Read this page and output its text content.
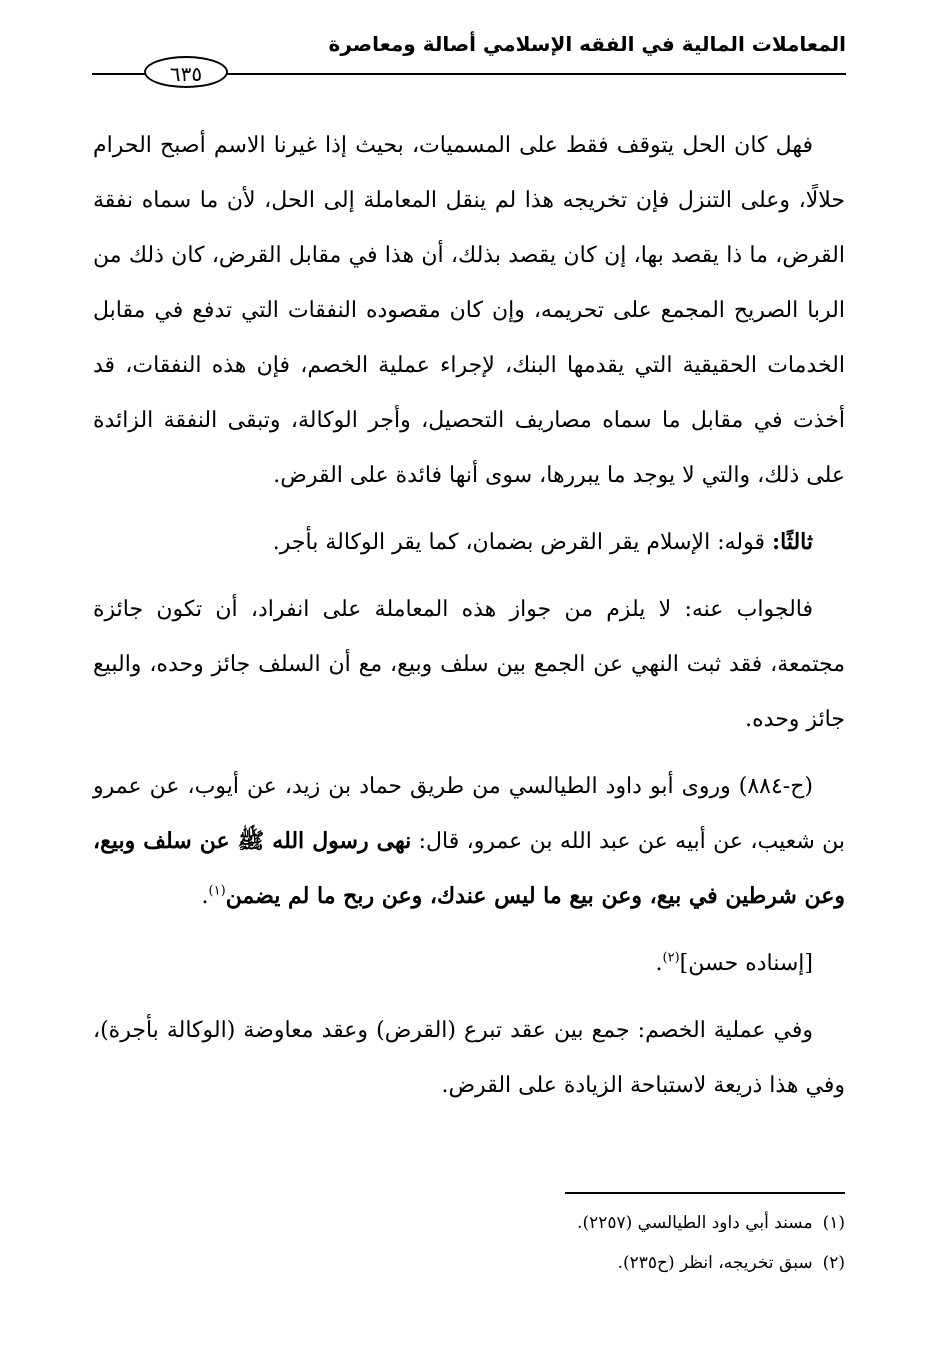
المعاملات المالية في الفقه الإسلامي أصالة ومعاصرة
٦٣٥

فهل كان الحل يتوقف فقط على المسميات، بحيث إذا غيرنا الاسم أصبح الحرام حلالًا، وعلى التنزل فإن تخريجه هذا لم ينقل المعاملة إلى الحل، لأن ما سماه نفقة القرض، ما ذا يقصد بها، إن كان يقصد بذلك، أن هذا في مقابل القرض، كان ذلك من الربا الصريح المجمع على تحريمه، وإن كان مقصوده النفقات التي تدفع في مقابل الخدمات الحقيقية التي يقدمها البنك، لإجراء عملية الخصم، فإن هذه النفقات، قد أخذت في مقابل ما سماه مصاريف التحصيل، وأجر الوكالة، وتبقى النفقة الزائدة على ذلك، والتي لا يوجد ما يبررها، سوى أنها فائدة على القرض.

ثالثًا: قوله: الإسلام يقر القرض بضمان، كما يقر الوكالة بأجر.

فالجواب عنه: لا يلزم من جواز هذه المعاملة على انفراد، أن تكون جائزة مجتمعة، فقد ثبت النهي عن الجمع بين سلف وبيع، مع أن السلف جائز وحده، والبيع جائز وحده.

(ح-٨٨٤) وروى أبو داود الطيالسي من طريق حماد بن زيد، عن أيوب، عن عمرو بن شعيب، عن أبيه عن عبد الله بن عمرو، قال: نهى رسول الله ﷺ عن سلف وبيع، وعن شرطين في بيع، وعن بيع ما ليس عندك، وعن ربح ما لم يضمن$^{(١)}$.

[إسناده حسن]$^{(٢)}$.

وفي عملية الخصم: جمع بين عقد تبرع (القرض) وعقد معاوضة (الوكالة بأجرة)، وفي هذا ذريعة لاستباحة الزيادة على القرض.

(١)مسند أبي داود الطيالسي (٢٢٥٧).
(٢)سبق تخريجه، انظر (ح٢٣٥).
